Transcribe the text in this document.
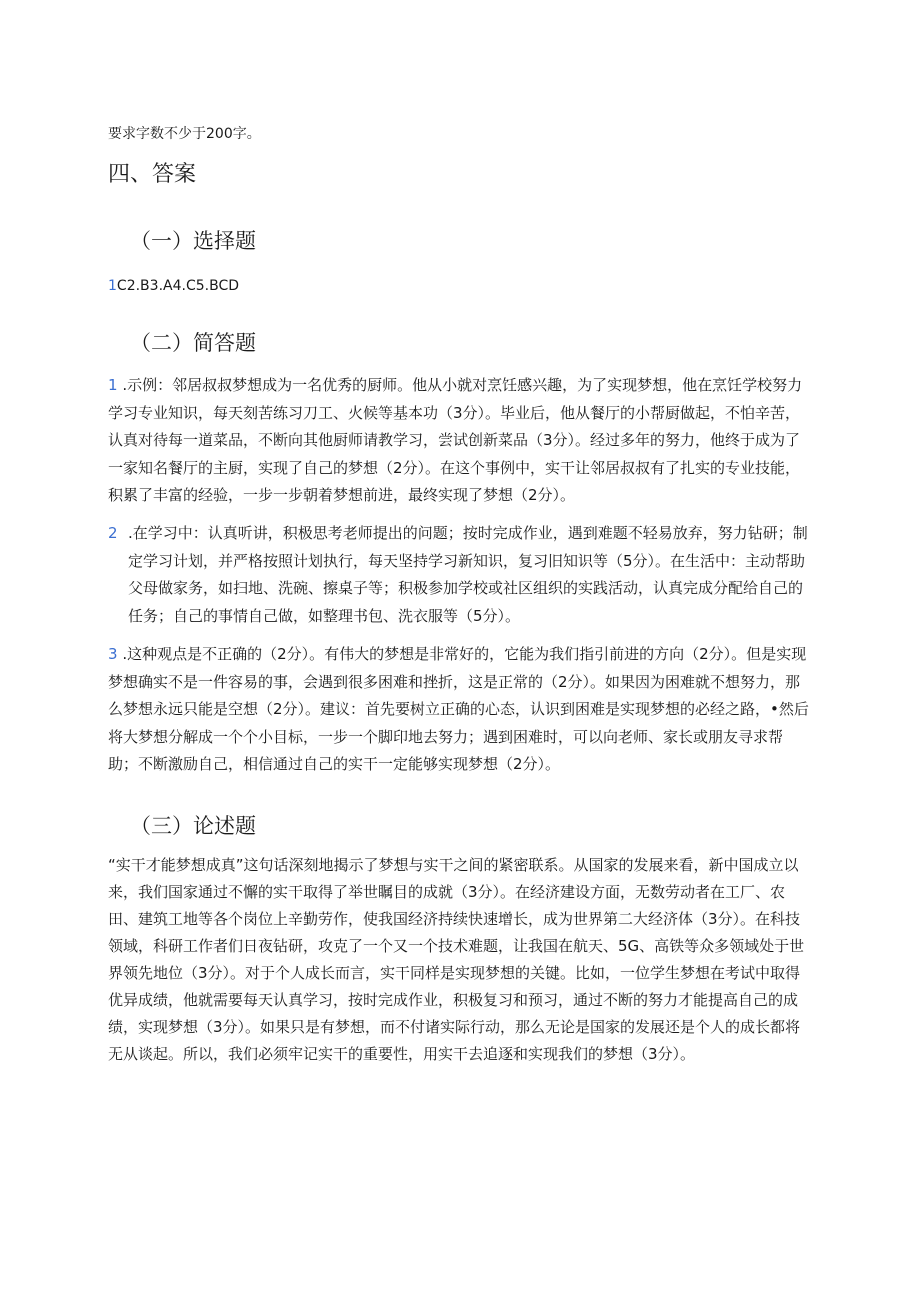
要求字数不少于200字。
四、答案
（一）选择题
1C2.B3.A4.C5.BCD
（二）简答题
1 .示例：邻居叔叔梦想成为一名优秀的厨师。他从小就对烹饪感兴趣，为了实现梦想，他在烹饪学校努力学习专业知识，每天刻苦练习刀工、火候等基本功（3分）。毕业后，他从餐厅的小帮厨做起，不怕辛苦，认真对待每一道菜品，不断向其他厨师请教学习，尝试创新菜品（3分）。经过多年的努力，他终于成为了一家知名餐厅的主厨，实现了自己的梦想（2分）。在这个事例中，实干让邻居叔叔有了扎实的专业技能，积累了丰富的经验，一步一步朝着梦想前进，最终实现了梦想（2分）。
2 .在学习中：认真听讲，积极思考老师提出的问题；按时完成作业，遇到难题不轻易放弃，努力钻研；制定学习计划，并严格按照计划执行，每天坚持学习新知识，复习旧知识等（5分）。在生活中：主动帮助父母做家务，如扫地、洗碗、擦桌子等；积极参加学校或社区组织的实践活动，认真完成分配给自己的任务；自己的事情自己做，如整理书包、洗衣服等（5分）。
3 .这种观点是不正确的（2分）。有伟大的梦想是非常好的，它能为我们指引前进的方向（2分）。但是实现梦想确实不是一件容易的事，会遇到很多困难和挫折，这是正常的（2分）。如果因为困难就不想努力，那么梦想永远只能是空想（2分）。建议：首先要树立正确的心态，认识到困难是实现梦想的必经之路，•然后将大梦想分解成一个个小目标，一步一个脚印地去努力；遇到困难时，可以向老师、家长或朋友寻求帮助；不断激励自己，相信通过自己的实干一定能够实现梦想（2分）。
（三）论述题
“实干才能梦想成真”这句话深刻地揭示了梦想与实干之间的紧密联系。从国家的发展来看，新中国成立以来，我们国家通过不懈的实干取得了举世瞩目的成就（3分）。在经济建设方面，无数劳动者在工厂、农田、建筑工地等各个岗位上辛勤劳作，使我国经济持续快速增长，成为世界第二大经济体（3分）。在科技领域，科研工作者们日夜钻研，攻克了一个又一个技术难题，让我国在航天、5G、高铁等众多领域处于世界领先地位（3分）。对于个人成长而言，实干同样是实现梦想的关键。比如，一位学生梦想在考试中取得优异成绩，他就需要每天认真学习，按时完成作业，积极复习和预习，通过不断的努力才能提高自己的成绩，实现梦想（3分）。如果只是有梦想，而不付诸实际行动，那么无论是国家的发展还是个人的成长都将无从谈起。所以，我们必须牢记实干的重要性，用实干去追逐和实现我们的梦想（3分）。
